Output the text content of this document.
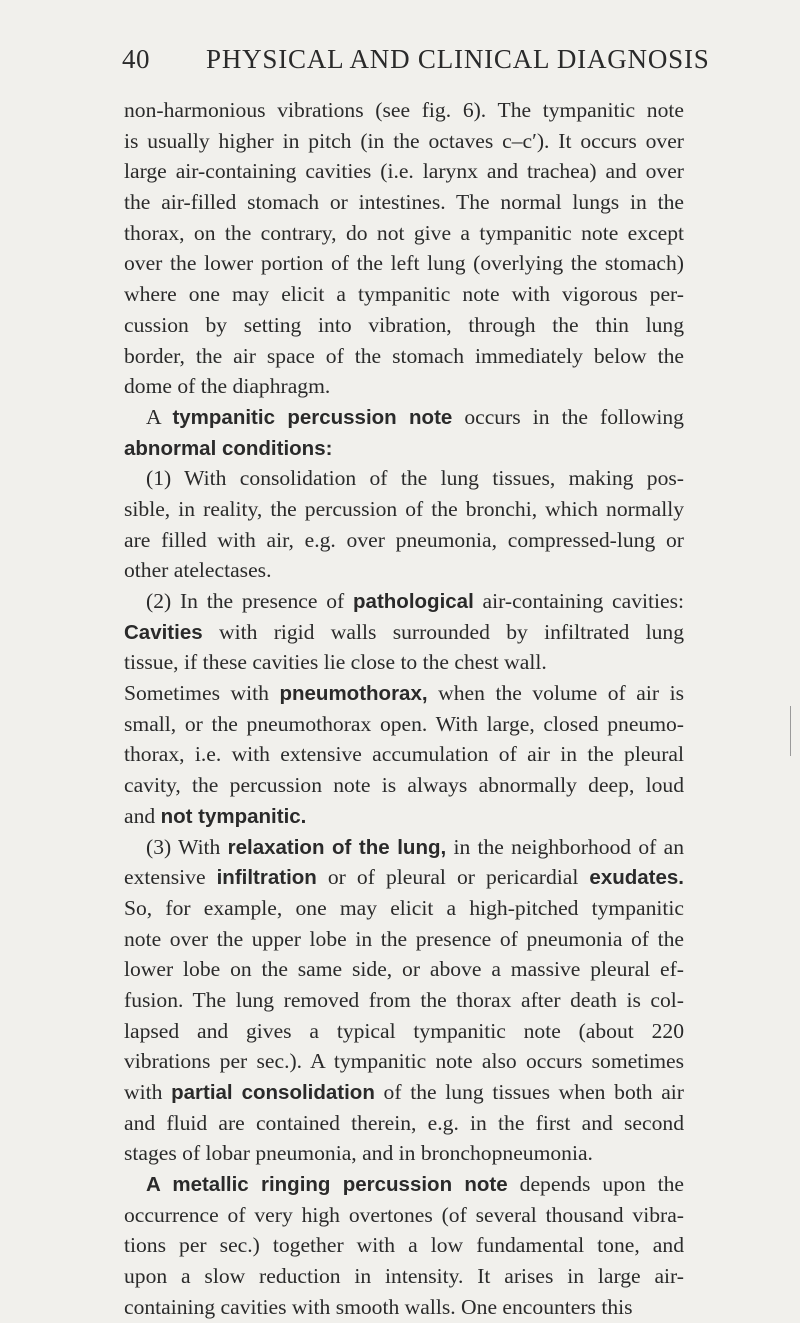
40 PHYSICAL AND CLINICAL DIAGNOSIS
non-harmonious vibrations (see fig. 6). The tympanitic note
is usually higher in pitch (in the octaves c–c′). It occurs over
large air-containing cavities (i.e. larynx and trachea) and over
the air-filled stomach or intestines. The normal lungs in the
thorax, on the contrary, do not give a tympanitic note except
over the lower portion of the left lung (overlying the stomach)
where one may elicit a tympanitic note with vigorous per-
cussion by setting into vibration, through the thin lung
border, the air space of the stomach immediately below the
dome of the diaphragm.
A tympanitic percussion note occurs in the following
abnormal conditions:
(1) With consolidation of the lung tissues, making pos-
sible, in reality, the percussion of the bronchi, which normally
are filled with air, e.g. over pneumonia, compressed-lung or
other atelectases.
(2) In the presence of pathological air-containing cavities:
Cavities with rigid walls surrounded by infiltrated lung
tissue, if these cavities lie close to the chest wall.
Sometimes with pneumothorax, when the volume of air is
small, or the pneumothorax open. With large, closed pneumo-
thorax, i.e. with extensive accumulation of air in the pleural
cavity, the percussion note is always abnormally deep, loud
and not tympanitic.
(3) With relaxation of the lung, in the neighborhood of an
extensive infiltration or of pleural or pericardial exudates.
So, for example, one may elicit a high-pitched tympanitic
note over the upper lobe in the presence of pneumonia of the
lower lobe on the same side, or above a massive pleural ef-
fusion. The lung removed from the thorax after death is col-
lapsed and gives a typical tympanitic note (about 220
vibrations per sec.). A tympanitic note also occurs sometimes
with partial consolidation of the lung tissues when both air
and fluid are contained therein, e.g. in the first and second
stages of lobar pneumonia, and in bronchopneumonia.
A metallic ringing percussion note depends upon the
occurrence of very high overtones (of several thousand vibra-
tions per sec.) together with a low fundamental tone, and
upon a slow reduction in intensity. It arises in large air-
containing cavities with smooth walls. One encounters this
